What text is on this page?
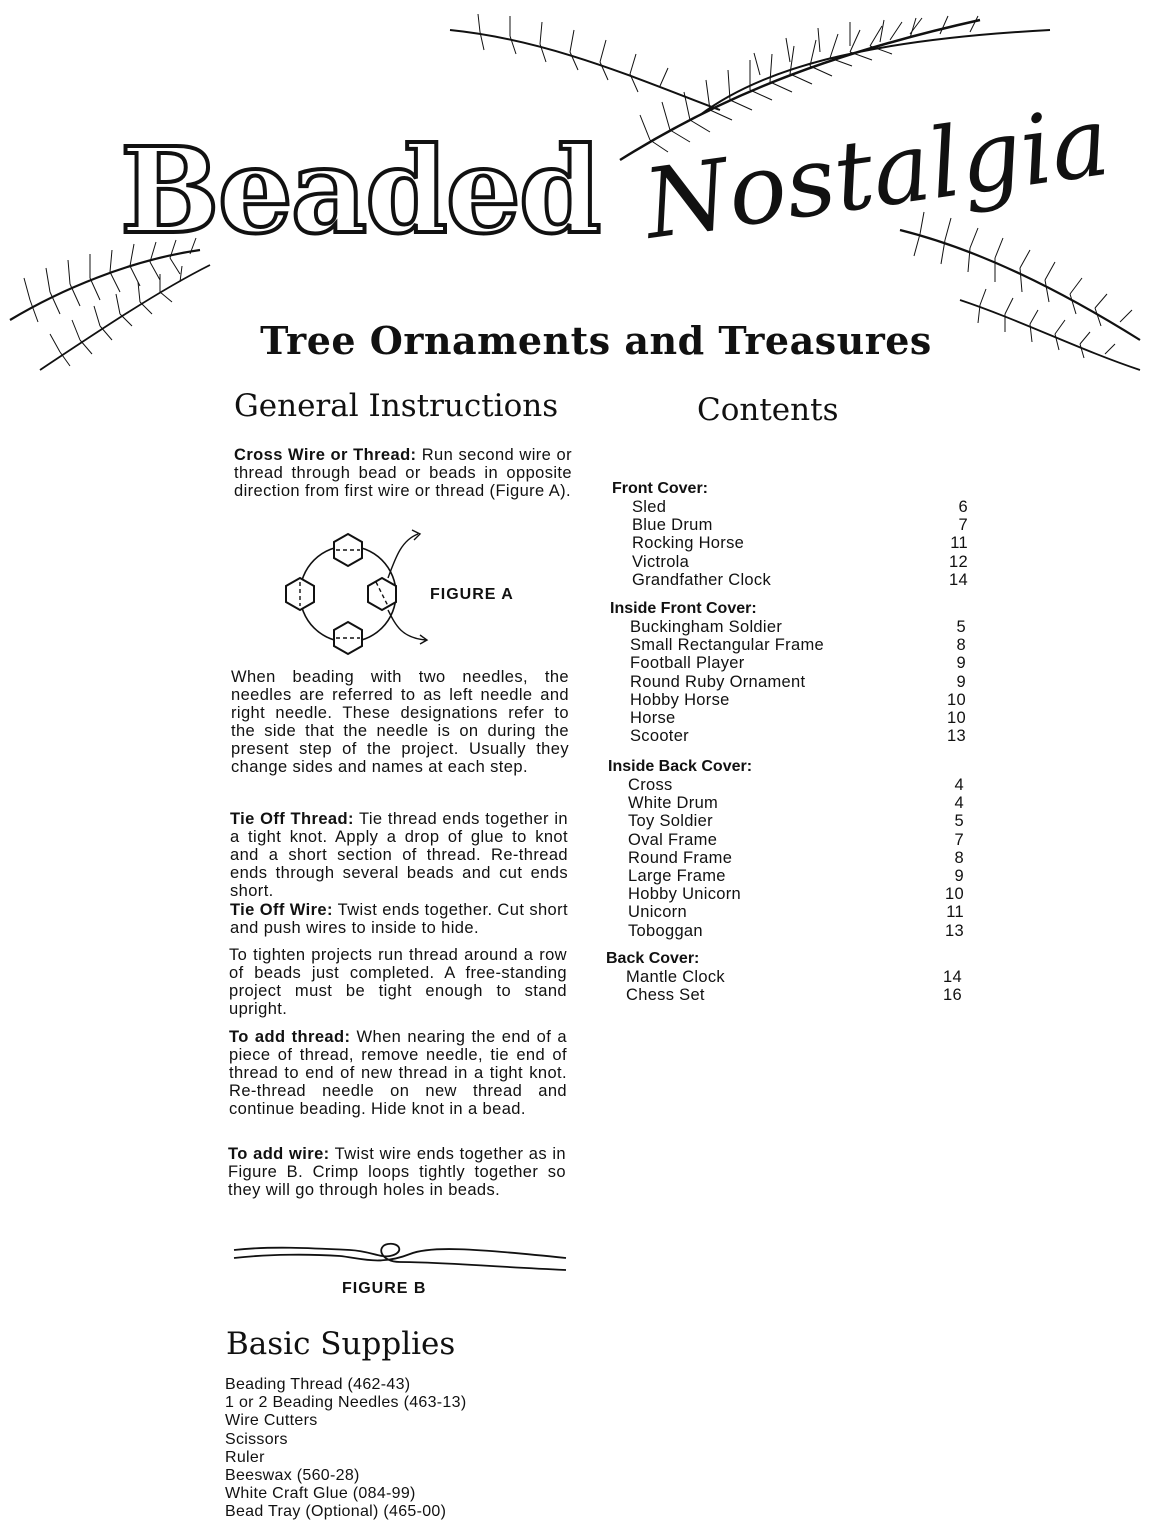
Beaded Nostalgia
Tree Ornaments and Treasures
General Instructions
Cross Wire or Thread: Run second wire or thread through bead or beads in opposite direction from first wire or thread (Figure A).
FIGURE A
When beading with two needles, the needles are referred to as left needle and right needle. These designations refer to the side that the needle is on during the present step of the project. Usually they change sides and names at each step.
Tie Off Thread: Tie thread ends together in a tight knot. Apply a drop of glue to knot and a short section of thread. Re-thread ends through several beads and cut ends short.
Tie Off Wire: Twist ends together. Cut short and push wires to inside to hide.
To tighten projects run thread around a row of beads just completed. A free-standing project must be tight enough to stand upright.
To add thread: When nearing the end of a piece of thread, remove needle, tie end of thread to end of new thread in a tight knot. Re-thread needle on new thread and continue beading. Hide knot in a bead.
To add wire: Twist wire ends together as in Figure B. Crimp loops tightly together so they will go through holes in beads.
FIGURE B
Basic Supplies
Beading Thread (462-43)
1 or 2 Beading Needles (463-13)
Wire Cutters
Scissors
Ruler
Beeswax (560-28)
White Craft Glue (084-99)
Bead Tray (Optional) (465-00)
Contents
Front Cover:
Sled	6
Blue Drum	7
Rocking Horse	11
Victrola	12
Grandfather Clock	14
Inside Front Cover:
Buckingham Soldier	5
Small Rectangular Frame	8
Football Player	9
Round Ruby Ornament	9
Hobby Horse	10
Horse	10
Scooter	13
Inside Back Cover:
Cross	4
White Drum	4
Toy Soldier	5
Oval Frame	7
Round Frame	8
Large Frame	9
Hobby Unicorn	10
Unicorn	11
Toboggan	13
Back Cover:
Mantle Clock	14
Chess Set	16
